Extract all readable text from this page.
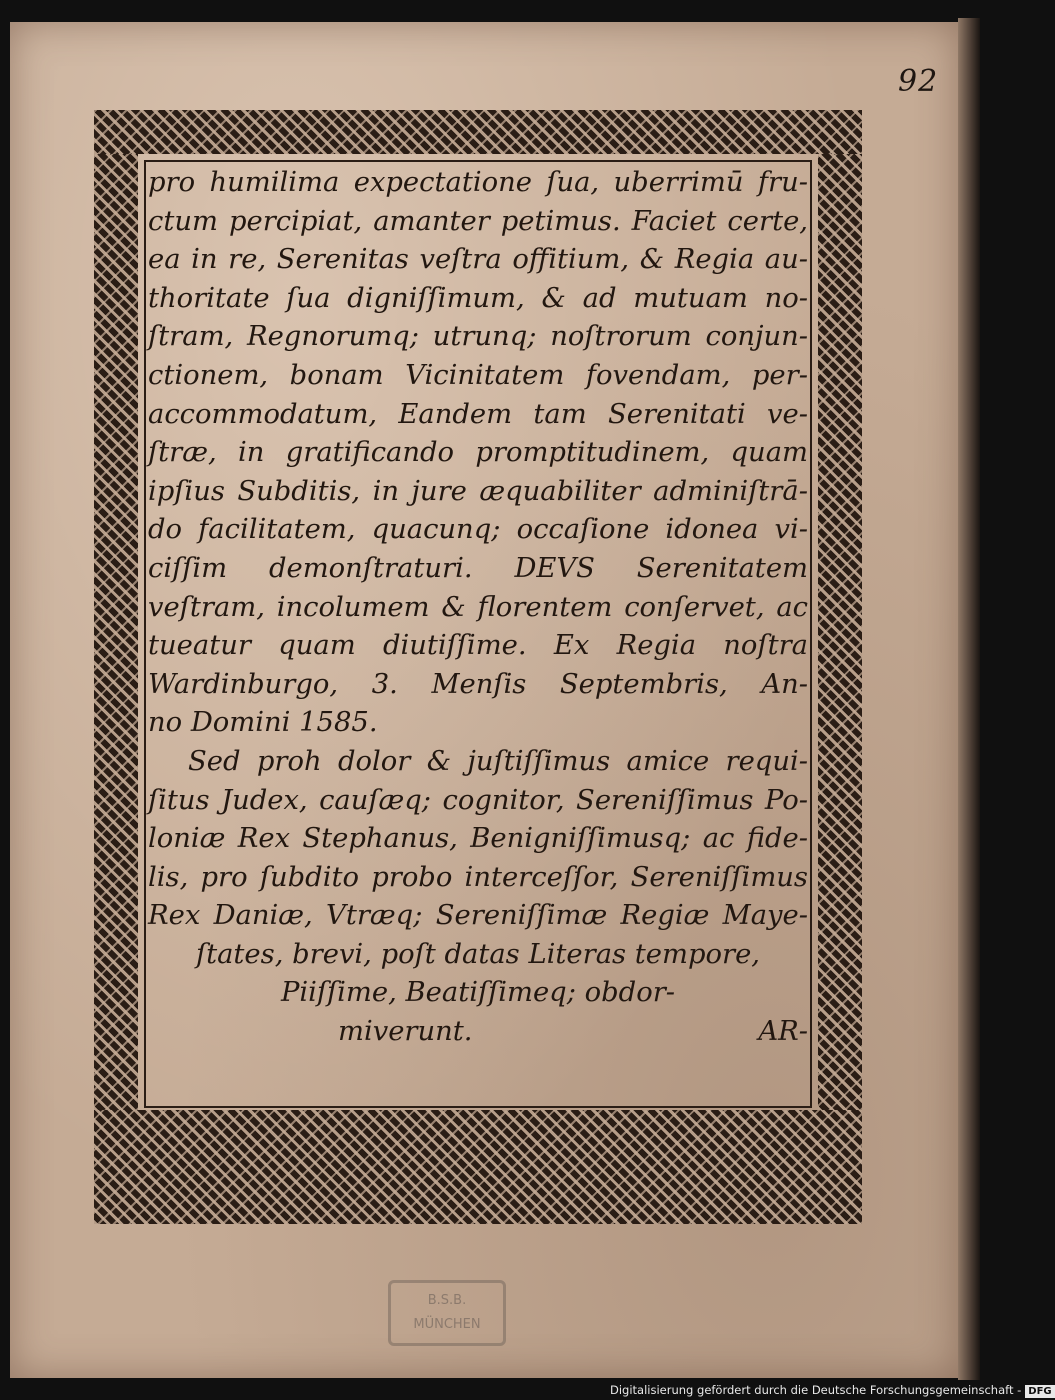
92
pro humilima expectatione ſua, uberrimū fru-
ctum percipiat, amanter petimus. Faciet certe,
ea in re, Serenitas veſtra offitium, & Regia au-
thoritate ſua digniſſimum, & ad mutuam no-
ſtram, Regnorumq; utrunq; noſtrorum conjun-
ctionem, bonam Vicinitatem fovendam, per-
accommodatum, Eandem tam Serenitati ve-
ſtræ, in gratificando promptitudinem, quam
ipſius Subditis, in jure æquabiliter adminiſtrā-
do facilitatem, quacunq; occaſione idonea vi-
ciſſim demonſtraturi. DEVS Serenitatem
veſtram, incolumem & florentem conſervet, ac
tueatur quam diutiſſime. Ex Regia noſtra
Wardinburgo, 3. Menſis Septembris, An-
no Domini 1585.
Sed proh dolor & juſtiſſimus amice requi-
ſitus Judex, cauſæq; cognitor, Sereniſſimus Po-
loniæ Rex Stephanus, Benigniſſimusq; ac fide-
lis, pro ſubdito probo interceſſor, Sereniſſimus
Rex Daniæ, Vtræq; Sereniſſimæ Regiæ Maye-
ſtates, brevi, poſt datas Literas tempore,
Piiſſime, Beatiſſimeq; obdor-
miverunt.	AR-
B.S.B.
MÜNCHEN
Digitalisierung gefördert durch die Deutsche Forschungsgemeinschaft - DFG
